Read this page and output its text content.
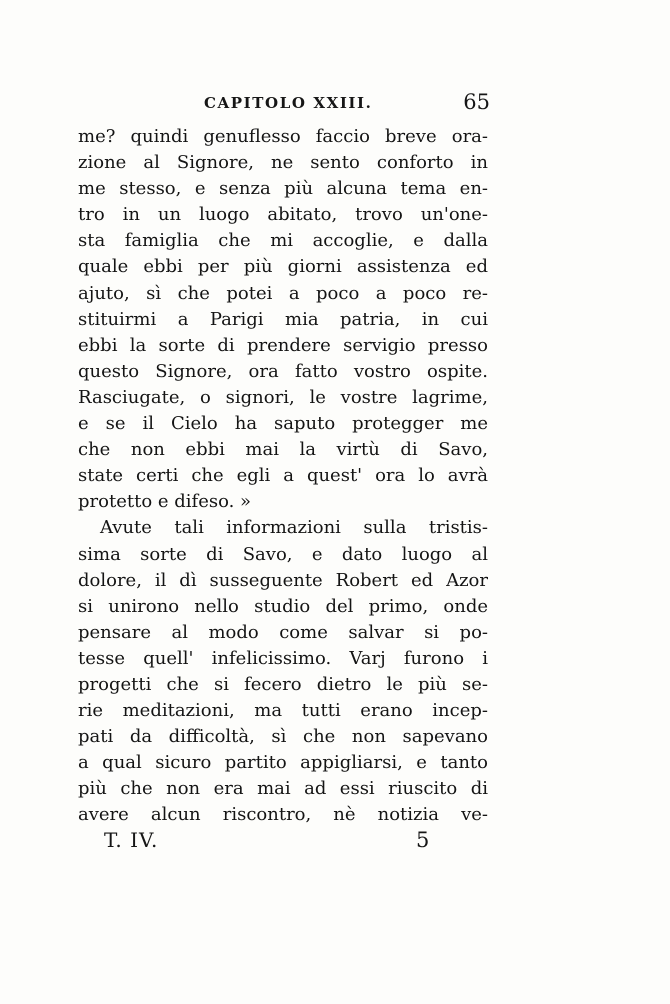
CAPITOLO XXIII.	65
me? quindi genuflesso faccio breve ora-
zione al Signore, ne sento conforto in
me stesso, e senza più alcuna tema en-
tro in un luogo abitato, trovo un'one-
sta famiglia che mi accoglie, e dalla
quale ebbi per più giorni assistenza ed
ajuto, sì che potei a poco a poco re-
stituirmi a Parigi mia patria, in cui
ebbi la sorte di prendere servigio presso
questo Signore, ora fatto vostro ospite.
Rasciugate, o signori, le vostre lagrime,
e se il Cielo ha saputo protegger me
che non ebbi mai la virtù di Savo,
state certi che egli a quest' ora lo avrà
protetto e difeso. »
Avute tali informazioni sulla tristis-
sima sorte di Savo, e dato luogo al
dolore, il dì susseguente Robert ed Azor
si unirono nello studio del primo, onde
pensare al modo come salvar si po-
tesse quell' infelicissimo. Varj furono i
progetti che si fecero dietro le più se-
rie meditazioni, ma tutti erano incep-
pati da difficoltà, sì che non sapevano
a qual sicuro partito appigliarsi, e tanto
più che non era mai ad essi riuscito di
avere alcun riscontro, nè notizia ve-
T. IV.	5
